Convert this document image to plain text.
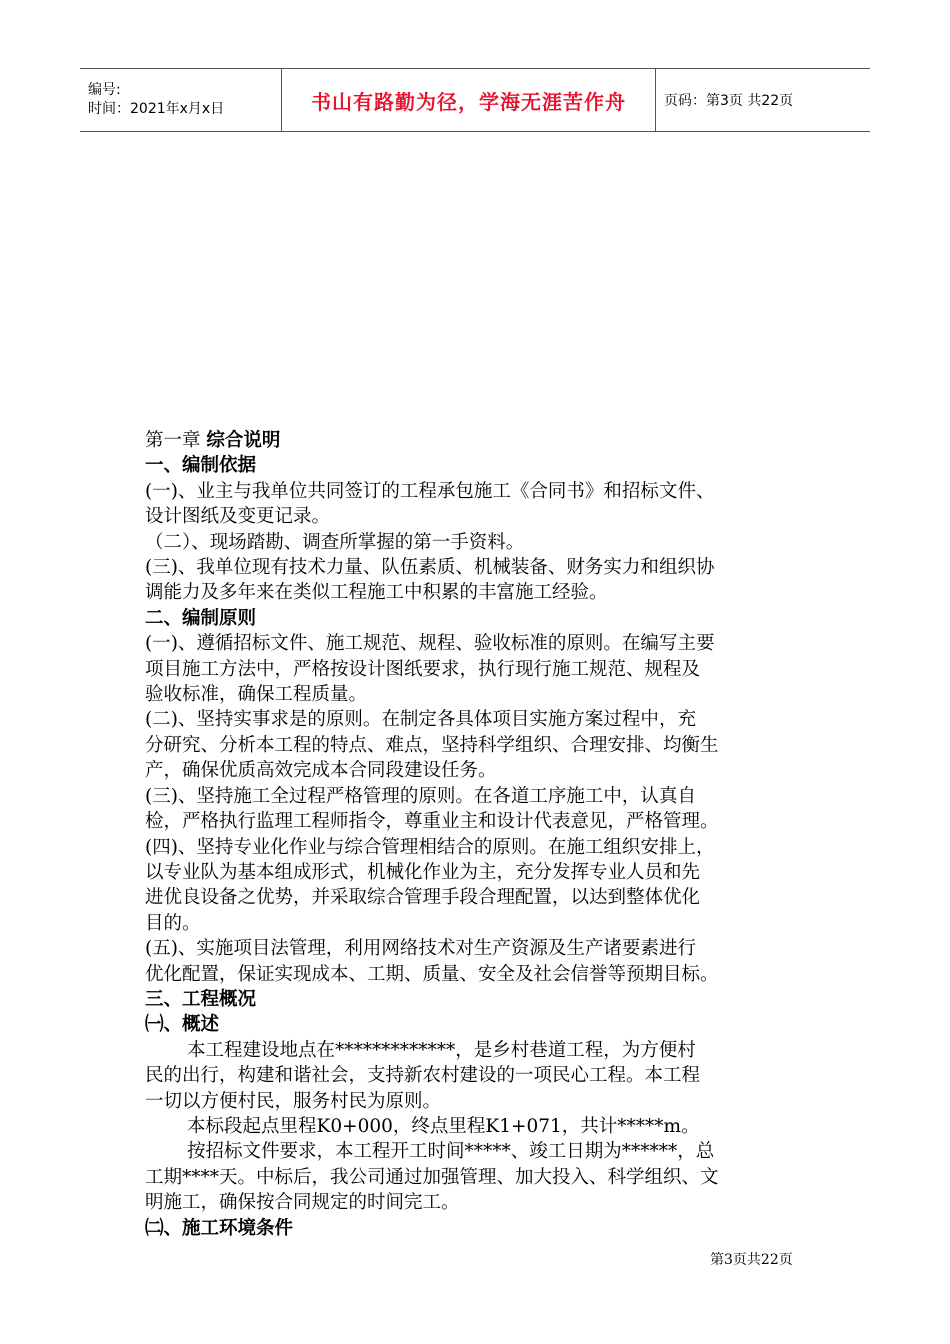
编号:
时间：2021年x月x日	书山有路勤为径，学海无涯苦作舟	页码：第3页 共22页

第一章 综合说明

一、编制依据

(一)、业主与我单位共同签订的工程承包施工《合同书》和招标文件、

设计图纸及变更记录。

（二）、现场踏勘、调查所掌握的第一手资料。

(三)、我单位现有技术力量、队伍素质、机械装备、财务实力和组织协

调能力及多年来在类似工程施工中积累的丰富施工经验。

二、编制原则

(一)、遵循招标文件、施工规范、规程、验收标准的原则。在编写主要

项目施工方法中，严格按设计图纸要求，执行现行施工规范、规程及

验收标准，确保工程质量。

(二)、坚持实事求是的原则。在制定各具体项目实施方案过程中，充

分研究、分析本工程的特点、难点，坚持科学组织、合理安排、均衡生

产，确保优质高效完成本合同段建设任务。

(三)、坚持施工全过程严格管理的原则。在各道工序施工中，认真自

检，严格执行监理工程师指令，尊重业主和设计代表意见，严格管理。

(四)、坚持专业化作业与综合管理相结合的原则。在施工组织安排上，

以专业队为基本组成形式，机械化作业为主，充分发挥专业人员和先

进优良设备之优势，并采取综合管理手段合理配置，以达到整体优化

目的。

(五)、实施项目法管理，利用网络技术对生产资源及生产诸要素进行

优化配置，保证实现成本、工期、质量、安全及社会信誉等预期目标。

三、工程概况

㈠、概述

本工程建设地点在*************，是乡村巷道工程，为方便村

民的出行，构建和谐社会，支持新农村建设的一项民心工程。本工程

一切以方便村民，服务村民为原则。

本标段起点里程K0+000，终点里程K1+071，共计*****m。

按招标文件要求，本工程开工时间*****、竣工日期为******，总

工期****天。中标后，我公司通过加强管理、加大投入、科学组织、文

明施工，确保按合同规定的时间完工。

㈡、施工环境条件

第3页共22页
